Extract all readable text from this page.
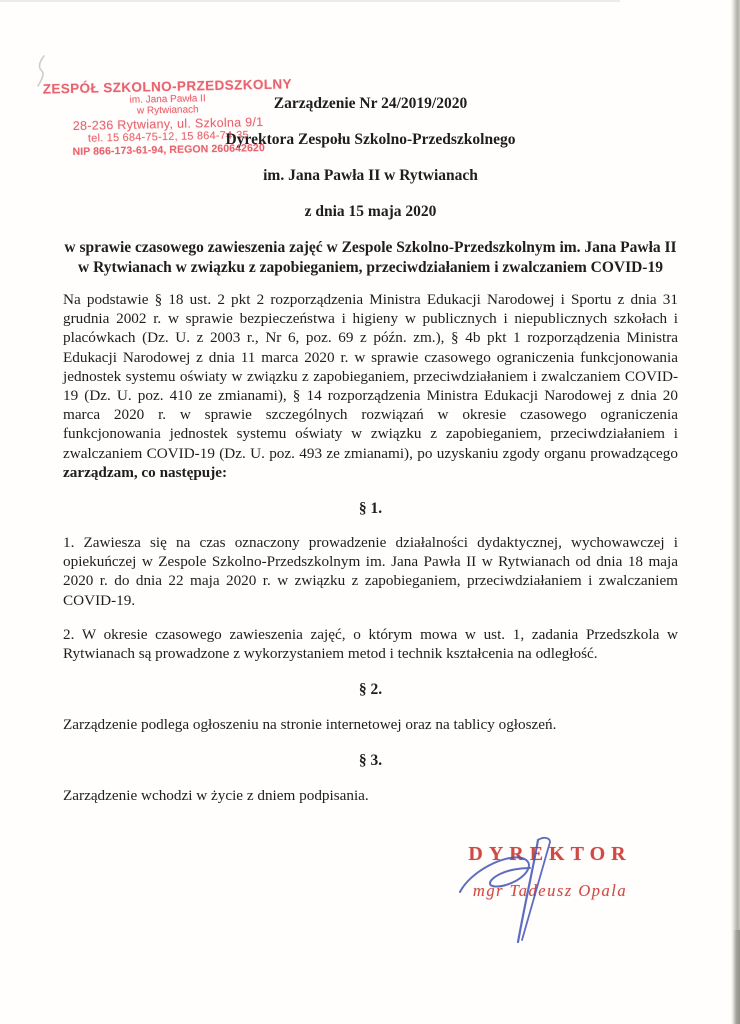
ZESPÓŁ SZKOLNO-PRZEDSZKOLNY
im. Jana Pawła II
w Rytwianach
28-236 Rytwiany, ul. Szkolna 9/1
tel. 15 684-75-12, 15 864-74-35
NIP 866-173-61-94, REGON 260642620
Zarządzenie Nr 24/2019/2020
Dyrektora Zespołu Szkolno-Przedszkolnego
im. Jana Pawła II w Rytwianach
z dnia 15 maja 2020
w sprawie czasowego zawieszenia zajęć w Zespole Szkolno-Przedszkolnym im. Jana Pawła II w Rytwianach w związku z zapobieganiem, przeciwdziałaniem i zwalczaniem COVID-19

Na podstawie § 18 ust. 2 pkt 2 rozporządzenia Ministra Edukacji Narodowej i Sportu z dnia 31 grudnia 2002 r. w sprawie bezpieczeństwa i higieny w publicznych i niepublicznych szkołach i placówkach (Dz. U. z 2003 r., Nr 6, poz. 69 z późn. zm.), § 4b pkt 1 rozporządzenia Ministra Edukacji Narodowej z dnia 11 marca 2020 r. w sprawie czasowego ograniczenia funkcjonowania jednostek systemu oświaty w związku z zapobieganiem, przeciwdziałaniem i zwalczaniem COVID-19 (Dz. U. poz. 410 ze zmianami), § 14 rozporządzenia Ministra Edukacji Narodowej z dnia 20 marca 2020 r. w sprawie szczególnych rozwiązań w okresie czasowego ograniczenia funkcjonowania jednostek systemu oświaty w związku z zapobieganiem, przeciwdziałaniem i zwalczaniem COVID-19 (Dz. U. poz. 493 ze zmianami), po uzyskaniu zgody organu prowadzącego zarządzam, co następuje:

§ 1.

1. Zawiesza się na czas oznaczony prowadzenie działalności dydaktycznej, wychowawczej i opiekuńczej w Zespole Szkolno-Przedszkolnym im. Jana Pawła II w Rytwianach od dnia 18 maja 2020 r. do dnia 22 maja 2020 r. w związku z zapobieganiem, przeciwdziałaniem i zwalczaniem COVID-19.

2. W okresie czasowego zawieszenia zajęć, o którym mowa w ust. 1, zadania Przedszkola w Rytwianach są prowadzone z wykorzystaniem metod i technik kształcenia na odległość.

§ 2.

Zarządzenie podlega ogłoszeniu na stronie internetowej oraz na tablicy ogłoszeń.

§ 3.

Zarządzenie wchodzi w życie z dniem podpisania.

DYREKTOR
mgr Tadeusz Opala
